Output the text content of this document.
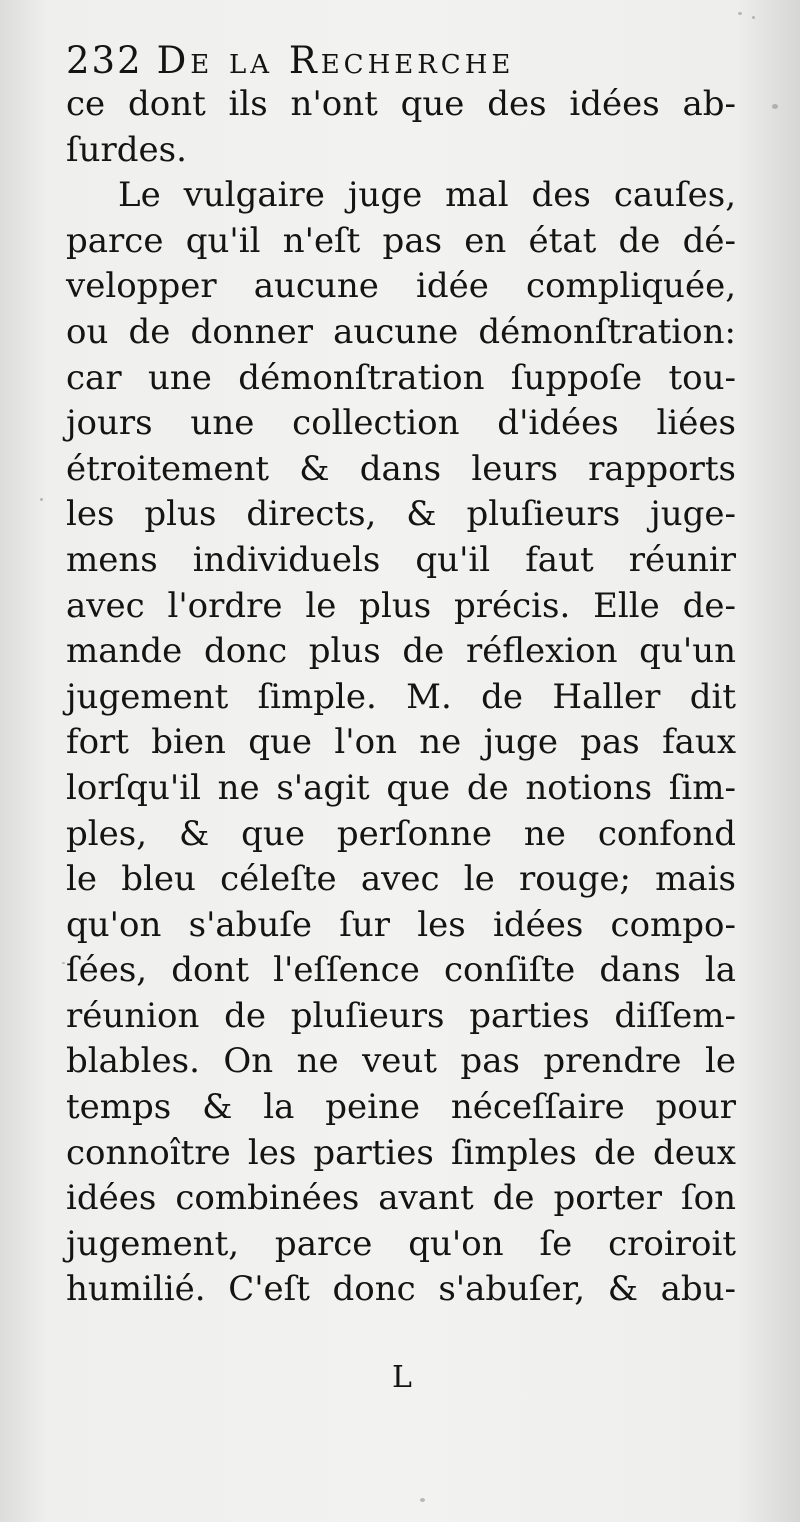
232 De la Recherche
ce dont ils n'ont que des idées ab-
ſurdes.
Le vulgaire juge mal des cauſes,
parce qu'il n'eſt pas en état de dé-
velopper aucune idée compliquée,
ou de donner aucune démonſtration:
car une démonſtration ſuppoſe tou-
jours une collection d'idées liées
étroitement & dans leurs rapports
les plus directs, & pluſieurs juge-
mens individuels qu'il faut réunir
avec l'ordre le plus précis. Elle de-
mande donc plus de réflexion qu'un
jugement ſimple. M. de Haller dit
fort bien que l'on ne juge pas faux
lorſqu'il ne s'agit que de notions ſim-
ples, & que perſonne ne confond
le bleu céleſte avec le rouge; mais
qu'on s'abuſe ſur les idées compo-
ſées, dont l'eſſence conſiſte dans la
réunion de pluſieurs parties diſſem-
blables. On ne veut pas prendre le
temps & la peine néceſſaire pour
connoître les parties ſimples de deux
idées combinées avant de porter ſon
jugement, parce qu'on ſe croiroit
humilié. C'eſt donc s'abuſer, & abu-
L
